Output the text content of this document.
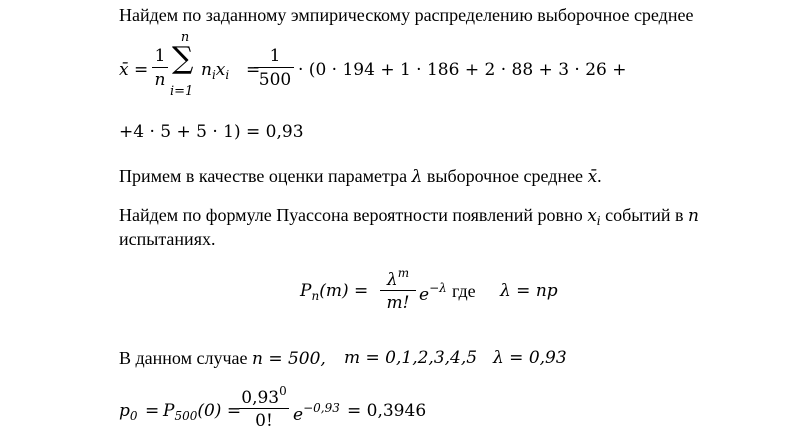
Найдем по заданному эмпирическому распределению выборочное среднее
x̄ =
1
n
n
∑
i=1
$n_ix_i$ =
1
500 · (0 · 194 + 1 · 186 + 2 · 88 + 3 · 26 +
+4 · 5 + 5 · 1) = 0,93
Примем в качестве оценки параметра λ выборочное среднее x̄.
Найдем по формуле Пуассона вероятности появлений ровно $x_i$ событий в n
испытаниях.
$P_n(m)$ =
$\lambda^m$
m! $e^{-\lambda}$ где λ = np
В данном случае n = 500, m = 0,1,2,3,4,5 λ = 0,93
$p_0 = P_{500}(0)$ =
$0,93^0$
0!	$e^{-0,93} = 0,3946$
